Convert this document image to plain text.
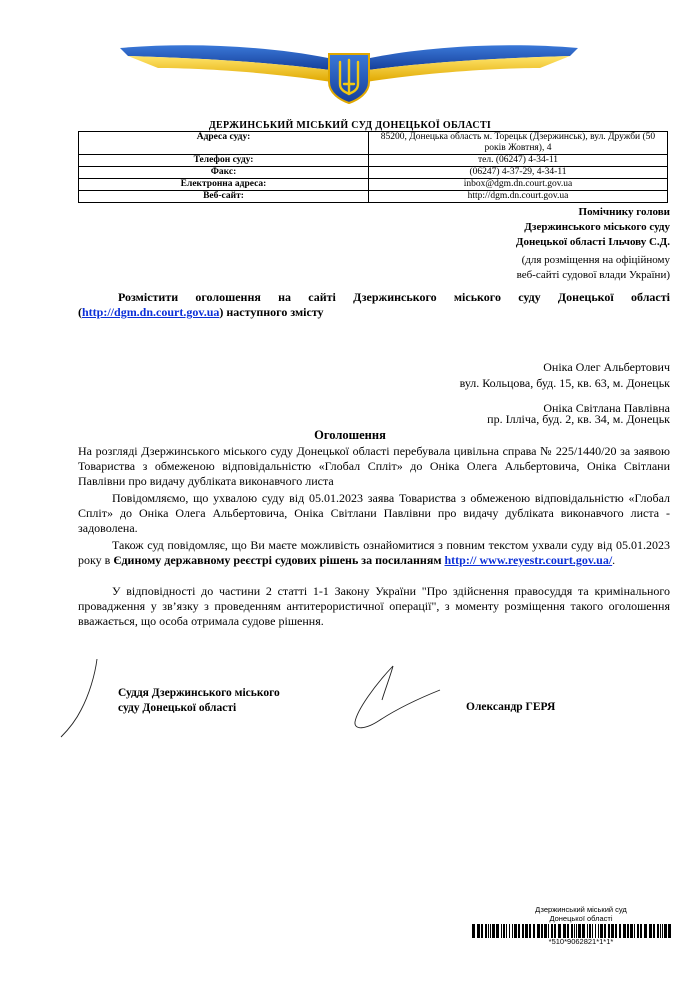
ДЕРЖИНСЬКИЙ МІСЬКИЙ СУД ДОНЕЦЬКОЇ ОБЛАСТІ
Адреса суду:	85200, Донецька область м. Торецьк (Дзержинськ), вул. Дружби (50 років Жовтня), 4
Телефон суду:	тел. (06247) 4-34-11
Факс:	(06247) 4-37-29, 4-34-11
Електронна адреса:	inbox@dgm.dn.court.gov.ua
Веб-сайт:	http://dgm.dn.court.gov.ua
Помічнику голови
Дзержинського міського суду
Донецької області Ільчову С.Д.
(для розміщення на офіційному
веб-сайті судової влади України)
Розмістити оголошення на сайті Дзержинського міського суду Донецької області (http://dgm.dn.court.gov.ua) наступного змісту
Оніка Олег Альбертович
вул. Кольцова, буд. 15, кв. 63, м. Донецьк
Оніка Світлана Павлівна
пр. Ілліча, буд. 2, кв. 34, м. Донецьк
Оголошення
На розгляді Дзержинського міського суду Донецької області перебувала цивільна справа № 225/1440/20 за заявою Товариства з обмеженою відповідальністю «Глобал Спліт» до Оніка Олега Альбертовича, Оніка Світлани Павлівни про видачу дубліката виконавчого листа
Повідомляємо, що ухвалою суду від 05.01.2023 заява Товариства з обмеженою відповідальністю «Глобал Спліт» до Оніка Олега Альбертовича, Оніка Світлани Павлівни про видачу дубліката виконавчого листа - задоволена.
Також суд повідомляє, що Ви маєте можливість ознайомитися з повним текстом ухвали суду від 05.01.2023 року в Єдиному державному реєстрі судових рішень за посиланням http:// www.reyestr.court.gov.ua/.
У відповідності до частини 2 статті 1-1 Закону України "Про здійснення правосуддя та кримінального провадження у зв’язку з проведенням антитерористичної операції", з моменту розміщення такого оголошення вважається, що особа отримала судове рішення.
Суддя Дзержинського міського
суду Донецької області	Олександр ГЕРЯ
Дзержинський міський суд
Донецької області
*510*9062821*1*1*
